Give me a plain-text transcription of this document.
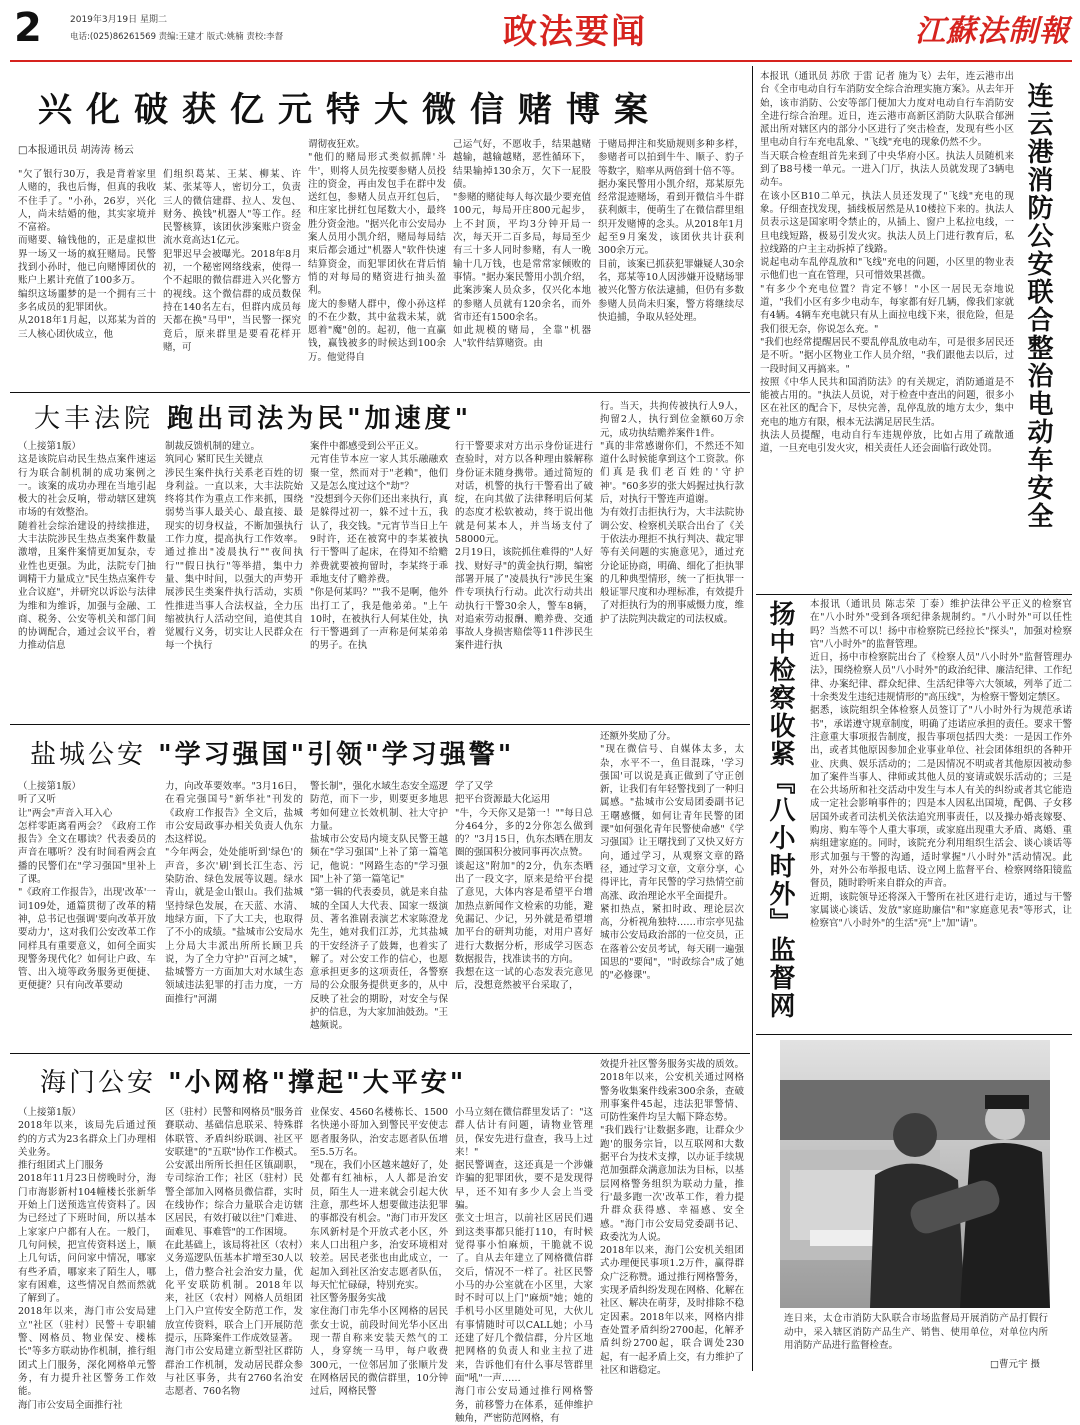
2	2019年3月19日 星期二
电话:(025)86261569 责编:王建才 版式:姚楠 责校:李督	政法要闻	江蘇法制報
兴化破获亿元特大微信赌博案
□本报通讯员 胡涛涛 杨云
"欠了银行30万，我是背着家里人赌的，我也后悔，但真的我收不住手了。"小孙，26岁，兴化人，尚未结婚的他，其实家境并不富裕。
而赌要、输钱他的，正是虚拟世界一场又一场的疯狂赌局。民警找到小孙时，他已向赌博团伙的账户上累计充值了100多万。
编织这场噩梦的是一个拥有三十多名成员的犯罪团伙。
从2018年1月起，以郑某为首的三人核心团伙成立，他
们组织葛某、王某、柳某、许某、张某等人，密切分工，负责三人的微信建群、拉人、发包、财务、换钱"机器人"等工作。经民警核算，该团伙涉案账户资金流水竟高达1亿元。
犯罪迟早会被曝光。2018年8月初，一个秘密网络线索，使得一个不起眼的微信群进入兴化警方的视线。这个微信群的成员数保持在140名左右，但群内成员每天都在换"马甲"，当民警一探究竟后，原来群里是要看花样开赌，可
谓彻夜狂欢。
"他们的赌局形式类似抓牌'斗牛'，则将人员先按要参赌人员投注的资金，再由发包手在群中发送红包，参赌人员点开红包后，和庄家比拼红包尾数大小，最终胜分资金池。"据兴化市公安局办案人员用小凯介绍，赌局每局结束后都会通过"机器人"软件快速结算资金，而犯罪团伙在背后悄悄的对每局的赌资进行抽头盈利。
庞大的参赌人群中，像小孙这样的不在少数，其中盆栽未某，就愿着"魔"创的。起初，他一直赢钱，赢钱被多的时候达到100余万。他觉得自
己运气好，不愿收手，结果越赌越输，越输越赌，恶性循环下，结果输掉130余万，欠下一屁股债。
"参赌的赌徒每人每次最少要充值100元，每局开庄800元起步，上不封顶，平均3分钟开局一次，每天开二百多局，每局至少有三十多人同时参赌，有人一晚输十几万钱，也是常常家倾败的事情。"据办案民警用小凯介绍，此案涉案人员众多，仅兴化本地的参赌人员就有120余名，而外省市还有1500余名。
如此规模的赌局，全靠"机器人"软件结算赌资。由
于赌局押注和奖励规则多种多样，参赌者可以拍到牛牛、顺子、豹子等数字，赔率从两倍到十倍不等。
据办案民警用小凯介绍，郑某原先经常混迹赌场，看到开微信斗牛群获利颇丰，便萌生了在微信群里组织开发赌博的念头。从2018年1月起至9月案发，该团伙共计获利300余万元。
目前，该案已抓获犯罪嫌疑人30余名，郑某等10人因涉嫌开设赌场罪被兴化警方依法逮捕，但仍有多数参赌人员尚未归案，警方将继续尽快追捕，争取从轻处理。
大丰法院 跑出司法为民"加速度"
（上接第1版）
这是该院启动民生热点案件速运行为联合制机制的成功案例之一。该案的成功办理在当地引起极大的社会反响，带动辖区建筑市场的有效整治。
随着社会综治建设的持续推进，大丰法院涉民生热点类案件数量激增，且案件案情更加复杂，专业性也更强。为此，法院专门抽调精干力量成立"民生热点案件专业合议庭"，并研究以诉讼与法律为维和为维诉，加强与金融、工商、税务、公安等机关和部门间的协调配合，通过会议平台，着力推动信息
制裁反馈机制的建立。
筑同心 紧盯民生关键点
涉民生案件执行关系老百姓的切身利益。一直以来，大丰法院始终将其作为重点工作来抓，围绕弱势当事人最关心、最直接、最现实的切身权益，不断加强执行工作力度，提高执行工作效率。通过推出"凌晨执行""夜间执行""假日执行"等举措，集中力量、集中时间，以强大的声势开展涉民生类案件执行活动，实质性推进当事人合法权益，全力压缩被执行人活动空间，追使其自觉履行义务，切实让人民群众在每一个执行
案件中都感受到公平正义。
元宵佳节本应一家人其乐融融欢聚一堂，然而对于"老赖"，他们又是怎么度过这个"劫"？
"没想到今天你们还出来执行，真是躲得过初一，躲不过十五，我认了，我交钱。"元宵节当日上午9时许，还在被窝中的李某被执行干警叫了起床，在得知不给赡养费就要被拘留时，李某终于乖乖地支付了赡养费。
"你是何某吗？""我不是啊，他外出打工了，我是他弟弟。"上午10时，在被执行人何某住处，执行干警遇到了一声称是何某弟弟的男子。在执
行干警要求对方出示身份证进行查验时，对方以各种理由躲解称身份证未随身携带。通过简短的对话，机警的执行干警看出了破绽，在向其做了法律释明后何某的态度才松软被动，终于说出他就是何某本人，并当场支付了58000元。
2月19日，该院抓住难得的"人好找、财好寻"的黄金执行期，编密部署开展了"凌晨执行"涉民生案件专项执行行动。此次行动共出动执行干警30余人，警车8辆，对追索劳动报酬、赡养费、交通事故人身损害赔偿等11件涉民生案件进行执
行。当天，共拘传被执行人9人，拘留2人，执行到位金额60万余元，成功执结赡养案件1件。
"真的非常感谢你们，不然还不知道什么时候能拿到这个工资款。你们真是我们老百姓的'守护神'。"60多岁的张大妈握过执行款后，对执行干警连声道谢。
为有效打击拒执行为，大丰法院协调公安、检察机关联合出台了《关于依法办理拒不执行判决、裁定罪等有关问题的实施意见》，通过充分论证协商，明确、细化了拒执罪的几种典型情形，统一了拒执罪一般证罪尺度和办理标准，有效提升了对拒执行为的刑事威慑力度，维护了法院判决裁定的司法权威。
盐城公安 "学习强国"引领"学习强警"
（上接第1版）
听了又听
让"两会"声音入耳入心
怎样零距离看两会？《政府工作报告》全文在哪读？代表委员的声音在哪听？没有时间看两会直播的民警们在"学习强国"里补上了课。
"《政府工作报告》，出现'改革'一词109处，通篇贯彻了改革的精神，总书记也强调'要向改革开放要动力'，这对我们公安改革工作同样具有重要意义，如何全面实现警务现代化？如何让户政、车管、出入境等政务服务更便捷、更便捷？只有向改革要动
力，向改革要效率。"3月16日，在看完强国号"新华社"刊发的《政府工作报告》全文后，盐城市公安局政事办相关负责人仇东杰这样说。
"今年两会，处处能听到'绿色'的声音，多次'刷'到长江生态、污染防治、绿色发展等议题。绿水青山，就是金山银山。我们盐城坚持绿色发展，在天蓝、水清、地绿方面，下了大工夫，也取得了不小的成绩。"盐城市公安局水上分局大丰派出所所长顾卫兵说，为了全力守护"百河之城"，盐城警方一方面加大对水域生态领域违法犯罪的打击力度，一方面推行"河湖
警长制"，强化水域生态安全巡逻防范，而下一步，则要更多地思考如何建立长效机制、社大守护力量。
盐城市公安局内境支队民警王越频在"学习强国"上补了第一篇笔记，他说："网路生态的"学习强国"上补了第一篇笔记"
"第一辑的代表委员，就是来自盐城的全国人大代表、国家一级演员、著名淮剧表演艺术家陈澄龙先生，她对我们江苏，尤其盐城的干安经济子了鼓舞，也着实了解了。对公安工作的信心，也愿意承担更多的这项责任，各警察局的公众服务提供更多的，从中反映了社会的期盼，对安全与保护的信息，为大家加油鼓劲。"王越频说。
学了又学
把平台资源最大化运用
"牛，今天你又是第一！""每日总分464分，多的2分你怎么做到的？"3月15日，仇东杰晒在朋友圈的强国积分被同事再次点赞。
谈起这"附加"的2分，仇东杰晒出了一段文字，原来是给平台提了意见，大体内容是希望平台增加热点新闻作文检索的功能，避免漏记、少记，另外就是希望增加平台的研判功能，对用户喜好进行大数据分析，形成学习医态数据报告，找准读书的方向。
我想在这一试的心态发表完意见后，没想竟然被平台采取了，
还额外奖励了分。
"现在微信号、自媒体太多，太杂，水平不一，鱼目混珠，'学习强国'可以说是真正做到了守正创新，让我们有年轻警找到了一种归属感。"盐城市公安局团委副书记王曙感慨，如何让青年民警的团课"如何强化青年民警使命感"《学习强国》让王曙找到了又快又好方向，通过学习，从观察文章的路径，通过学习文章，文章分享，心得评比，青年民警的学习热情空前高涨、政治理论水平全面提升。
紧扣热点，紧扣时政、理论层次高，分析视角独特……市宗亭见盐城市公安局政治部的一位交员，正在落着公安员考试，每天刷一遍强国思的"要闻"，"时政综合"成了她的"必修课"。
海门公安 "小网格"撑起"大平安"
（上接第1版）
2018年以来，该局先后通过预约的方式为23名群众上门办理相关业务。
推行组团式上门服务
2018年11月23日傍晚时分，海门市海影新村104幢楼长张新华开始上门送预选宣传资料了。因为已经过了下班时间，所以基本上家家户户都有人在。一般门，几句问候，把宣传资料送上，顺上几句话，问问家中情况，哪家有些矛盾，哪家来了陌生人，哪家有困难，这些情况自然而然就了解到了。
2018年以来，海门市公安局建立"社区（驻村）民警＋专职辅警、网格员、物业保安、楼栋长"等多方联动协作机制，推行组团式上门服务，深化网格单元警务，有力提升社区警务工作效能。
海门市公安局全面推行社
区（驻村）民警和网格员"服务首賽联动、基础信息联采、特殊群体联管、矛盾纠纷联调、社区平安联建"的"五联"协作工作模式。公安派出所所长担任区镇副职，专司综治工作；社区（驻村）民警全部加入网格员微信群，实时在线协作；综合力量联合走访辖区居民，有效打破以往"门难进、面难见、事难管"的工作困境。
在此基础上，该局将社区（农村）义务巡逻队伍基本扩增至30人以上，借力整合社会治安力量，优化平安联防机制。2018年以来，社区（农村）网格人员组团上门入户宣传安全防范工作，发放宣传资料，联合上门开展防范提示，压降案件工作成效显著。
海门市公安局建立新型社区群防群治工作机制，发动居民群众参与社区事务，共有2760名治安志愿者、760名物
业保安、4560名楼栋长、1500名快递小哥加入到警民平安使志愿者服务队，治安志愿者队伍增至5.5万名。
"现在，我们小区越来越好了，处处都有红袖标，人人都是治安员，陌生人一进来就会引起大伙注意，那些坏人想要做违法犯罪的事都没有机会。"海门市开发区东风新村是个开放式老小区，外来人口出租户多，治安环境相对较差。居民老张也由此成立，一起加入到社区治安志愿者队伍，每天忙忙碌碌，特别充实。
社区警务服务实战
家住海门市先华小区网格的居民张女士说，前段时间光华小区出现一帮自称来安装天然气的工人，身穿统一马甲，每户收费300元，一位邻居加了张顺片发在网格居民的微信群里，10分钟过后，网格民警
小马立刻在微信群里发话了："这群人估计有问题，请物业管理员，保安先进行盘查，我马上过来！"
据民警调查，这还真是一个涉嫌诈骗的犯罪团伙，要不是发现得早，还不知有多少人会上当受骗。
张文士坦言，以前社区居民们遇到这类事都只能打110，有时候觉得事小怕麻烦，干脆就不说了。自从去年建立了网格微信群交后，情况不一样了。社区民警小马的办公室就在小区里，大家时不时可以上门"麻烦"她；她的手机号小区里随处可见，大伙儿有事情随时可以CALL她；小马还建了好几个微信群，分片区地把网格的负责人和业主拉了进来，告诉他们有什么事尽管群里面"吼"一声……
海门市公安局通过推行网格警务，前移警力在体系，延伸维护触角，严密防范网格，有
效提升社区警务服务实战的质效。2018年以来，公安机关通过网格警务收集案件线索300余条，查破刑事案件45起，违法犯罪警情、可防性案件均呈大幅下降态势。
"我们践行'让数据多跑，让群众少跑'的服务宗旨，以互联网和大数据平台为技术支撑，以办证手续规范加强群众满意加法为目标，以基层网格警务组织为联动力量，推行'最多跑一次'改革工作，着力提升群众获得感、幸福感、安全感。"海门市公安局党委副书记、政委沈为人说。
2018年以来，海门公安机关组团式办理便民事项1.2万件，赢得群众广泛称赞。通过推行网格警务，实现矛盾纠纷发现在网格、化解在社区、解决在萌芽，及时排除不稳定因素。2018年以来，网格内排查处置矛盾纠纷2700起，化解矛盾纠纷2700起，联合调处230起，有一起矛盾上交，有力维护了社区和谐稳定。
本报讯（通讯员 苏欣 于雷 记者 施为飞）去年，连云港市出台《全市电动自行车消防安全综合治理实施方案》。从去年开始，该市消防、公安等部门便加大力度对电动自行车消防安全进行综合治理。近日，连云港市高新区消防大队联合郁洲派出所对辖区内的部分小区进行了突击检查，发现有些小区里电动自行车充电乱象、"飞线"充电的现象仍然不少。
当天联合检查组首先来到了中央华府小区。执法人员随机来到了B8号楼一单元。一进入门厅，执法人员就发现了3辆电动车。
在该小区B10二单元，执法人员还发现了"飞线"充电的现象。仔细查找发现，插线板居然是从10楼拉下来的。执法人员表示这是国家明令禁止的，从插上、窗户上私拉电线，一旦电线短路，极易引发火灾。执法人员上门进行教育后，私拉线路的户主主动拆掉了线路。
说起电动车乱停乱放和"飞线"充电的问题，小区里的物业表示他们也一直在管理，只可惜效果甚微。
"有多少个充电位置？肯定不够！"小区一居民无奈地说道，"我们小区有多少电动车，每家都有好几辆，像我们家就有4辆。4辆车充电就只有从上面拉电线下来，很危险，但是我们很无奈，你说怎么充。"
"我们也经常提醒居民不要乱停乱放电动车，可是很多居民还是不听。"据小区物业工作人员介绍，"我们跟他去以后，过一段时间又再搞来。"
按照《中华人民共和国消防法》的有关规定，消防通道是不能被占用的。"执法人员说，对于检查中查出的问题，很多小区在社区的配合下，尽快完善，乱停乱放的地方太少，集中充电的地方有限，根本无法满足居民生活。
执法人员提醒，电动自行车违规停放，比如占用了疏散通道，一旦充电引发火灾，相关责任人还会面临行政处罚。 连云港消防公安联合整治电动车安全
扬中检察收紧『八小时外』监督网	本报讯（通讯员 陈志荣 丁泰）维护法律公平正义的检察官在"八小时外"受到各项纪律条规制约。"八小时外"可以任性吗？当然不可以！扬中市检察院已经拉长"探头"，加强对检察官"八小时外"的监督管理。
近日，扬中市检察院出台了《检察人员"八小时外"监督管理办法》，围绕检察人员"八小时外"的政治纪律、廉洁纪律、工作纪律、办案纪律、群众纪律、生活纪律等六大领域，列举了近二十余类发生违纪违规情形的"高压线"，为检察干警划定禁区。
据悉，该院组织全体检察人员签订了"八小时外行为规范承诺书"，承诺遵守规章制度，明确了违诺应承担的责任。要求干警注意重大事项报告制度，报告事项包括四大类：一是因工作外出，或者其他原因参加企业事业单位、社会团体组织的各种开业、庆典、娱乐活动的；二是因情况不明或者其他原因被动参加了案件当事人、律师或其他人员的宴请或娱乐活动的；三是在公共场所和社交活动中发生与本人有关的纠纷或者其它能造成一定社会影响事件的；四是本人因私出国境，配偶、子女移居国外或者司法机关依法追究刑事责任，以及操办婚丧嫁娶、购房、购车等个人重大事项，或家庭出现重大矛盾、离婚、重病组建家庭的。同时，该院充分利用组织生活会、谈心谈话等形式加强与干警的沟通，适时掌握"八小时外"活动情况。此外，对外公布举报电话、设立网上监督平台、检察网络阳镜监督员，随时聆听来自群众的声音。
近期，该院领导还将深入干警所在社区进行走访，通过与干警家属谈心谈话、发放"家庭助廉信"和"家庭意见表"等形式，让检察官"八小时外"的生活"亮"上"加"请"。
连日来，太仓市消防大队联合市场监督局开展消防产品打假行动中，采入辖区消防产品生产、销售、使用单位，对单位内所用消防产品进行监督检查。
□曹元宇 摄
